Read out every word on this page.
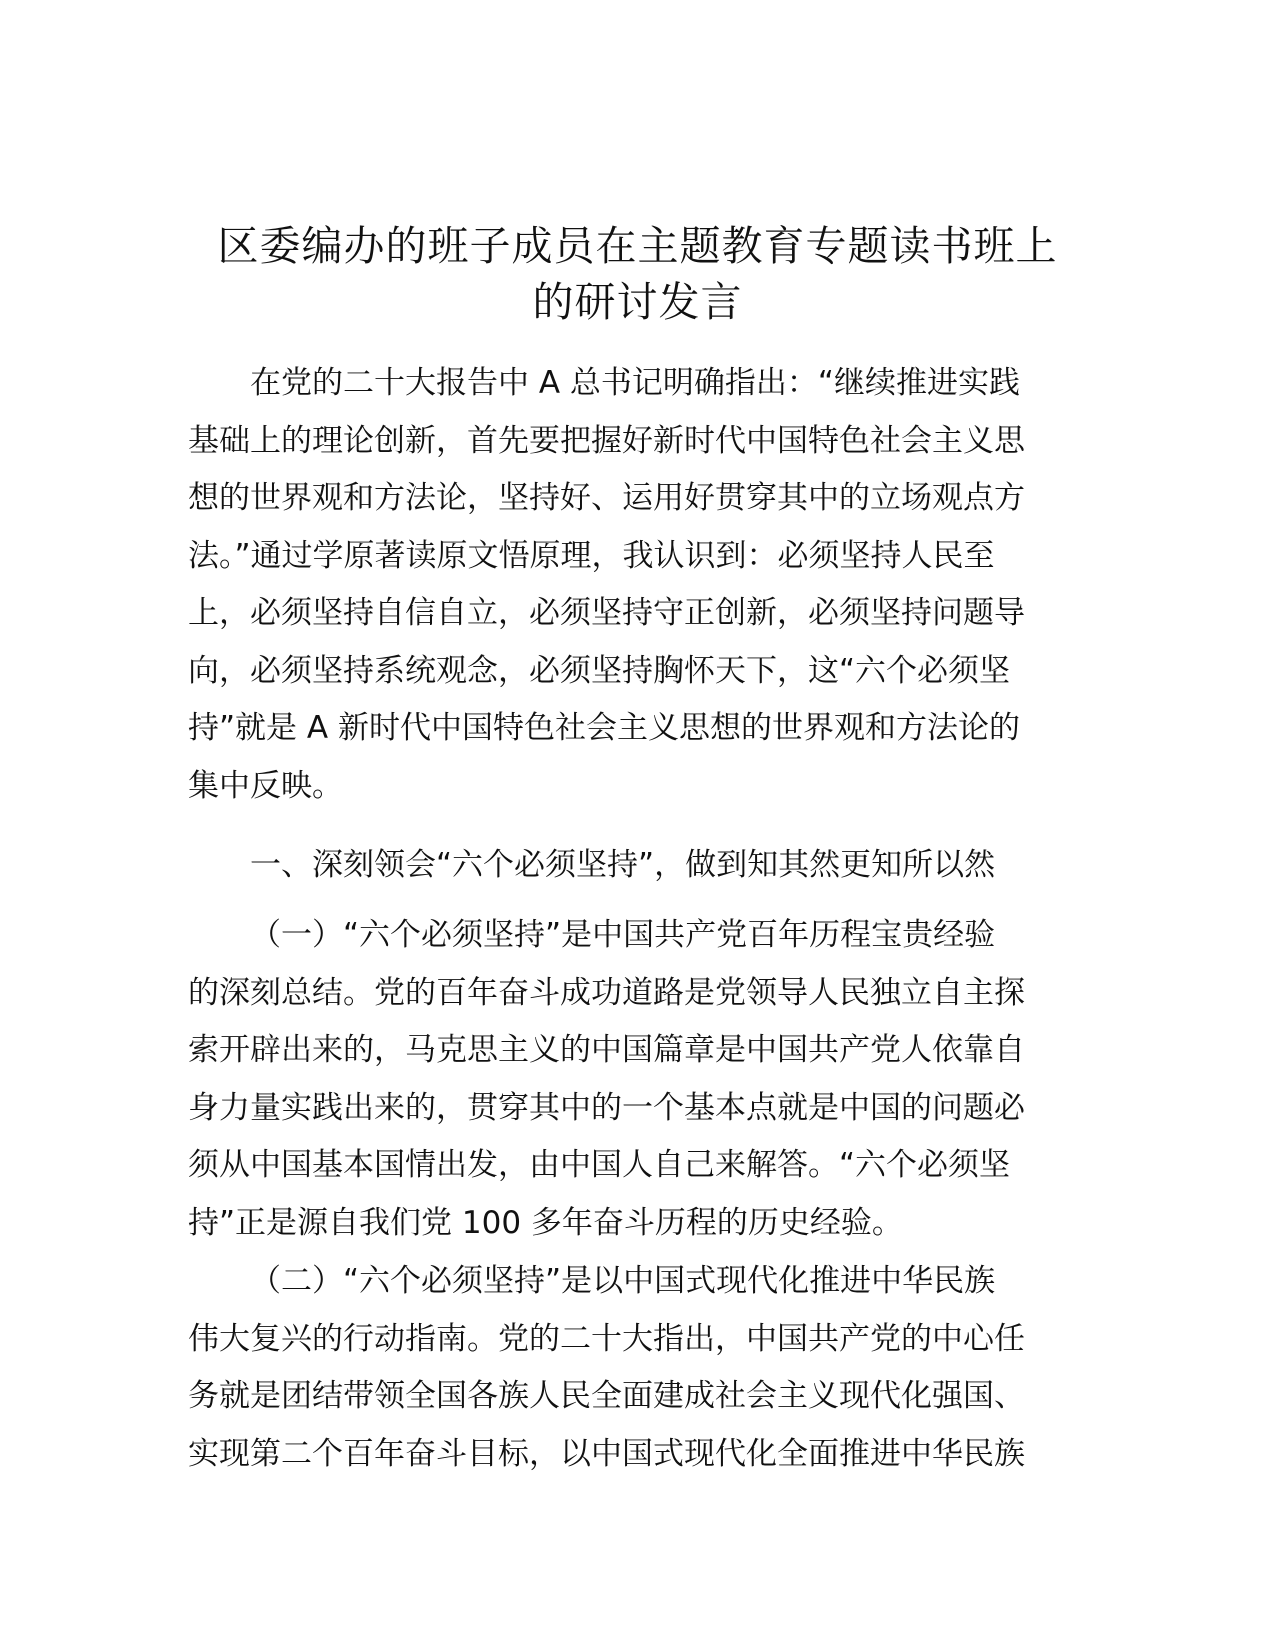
区委编办的班子成员在主题教育专题读书班上
的研讨发言

在党的二十大报告中 A 总书记明确指出：“继续推进实践
基础上的理论创新，首先要把握好新时代中国特色社会主义思
想的世界观和方法论，坚持好、运用好贯穿其中的立场观点方
法。”通过学原著读原文悟原理，我认识到：必须坚持人民至
上，必须坚持自信自立，必须坚持守正创新，必须坚持问题导
向，必须坚持系统观念，必须坚持胸怀天下，这“六个必须坚
持”就是 A 新时代中国特色社会主义思想的世界观和方法论的
集中反映。

一、深刻领会“六个必须坚持”，做到知其然更知所以然

（一）“六个必须坚持”是中国共产党百年历程宝贵经验
的深刻总结。党的百年奋斗成功道路是党领导人民独立自主探
索开辟出来的，马克思主义的中国篇章是中国共产党人依靠自
身力量实践出来的，贯穿其中的一个基本点就是中国的问题必
须从中国基本国情出发，由中国人自己来解答。“六个必须坚
持”正是源自我们党 100 多年奋斗历程的历史经验。

（二）“六个必须坚持”是以中国式现代化推进中华民族
伟大复兴的行动指南。党的二十大指出，中国共产党的中心任
务就是团结带领全国各族人民全面建成社会主义现代化强国、
实现第二个百年奋斗目标，以中国式现代化全面推进中华民族
